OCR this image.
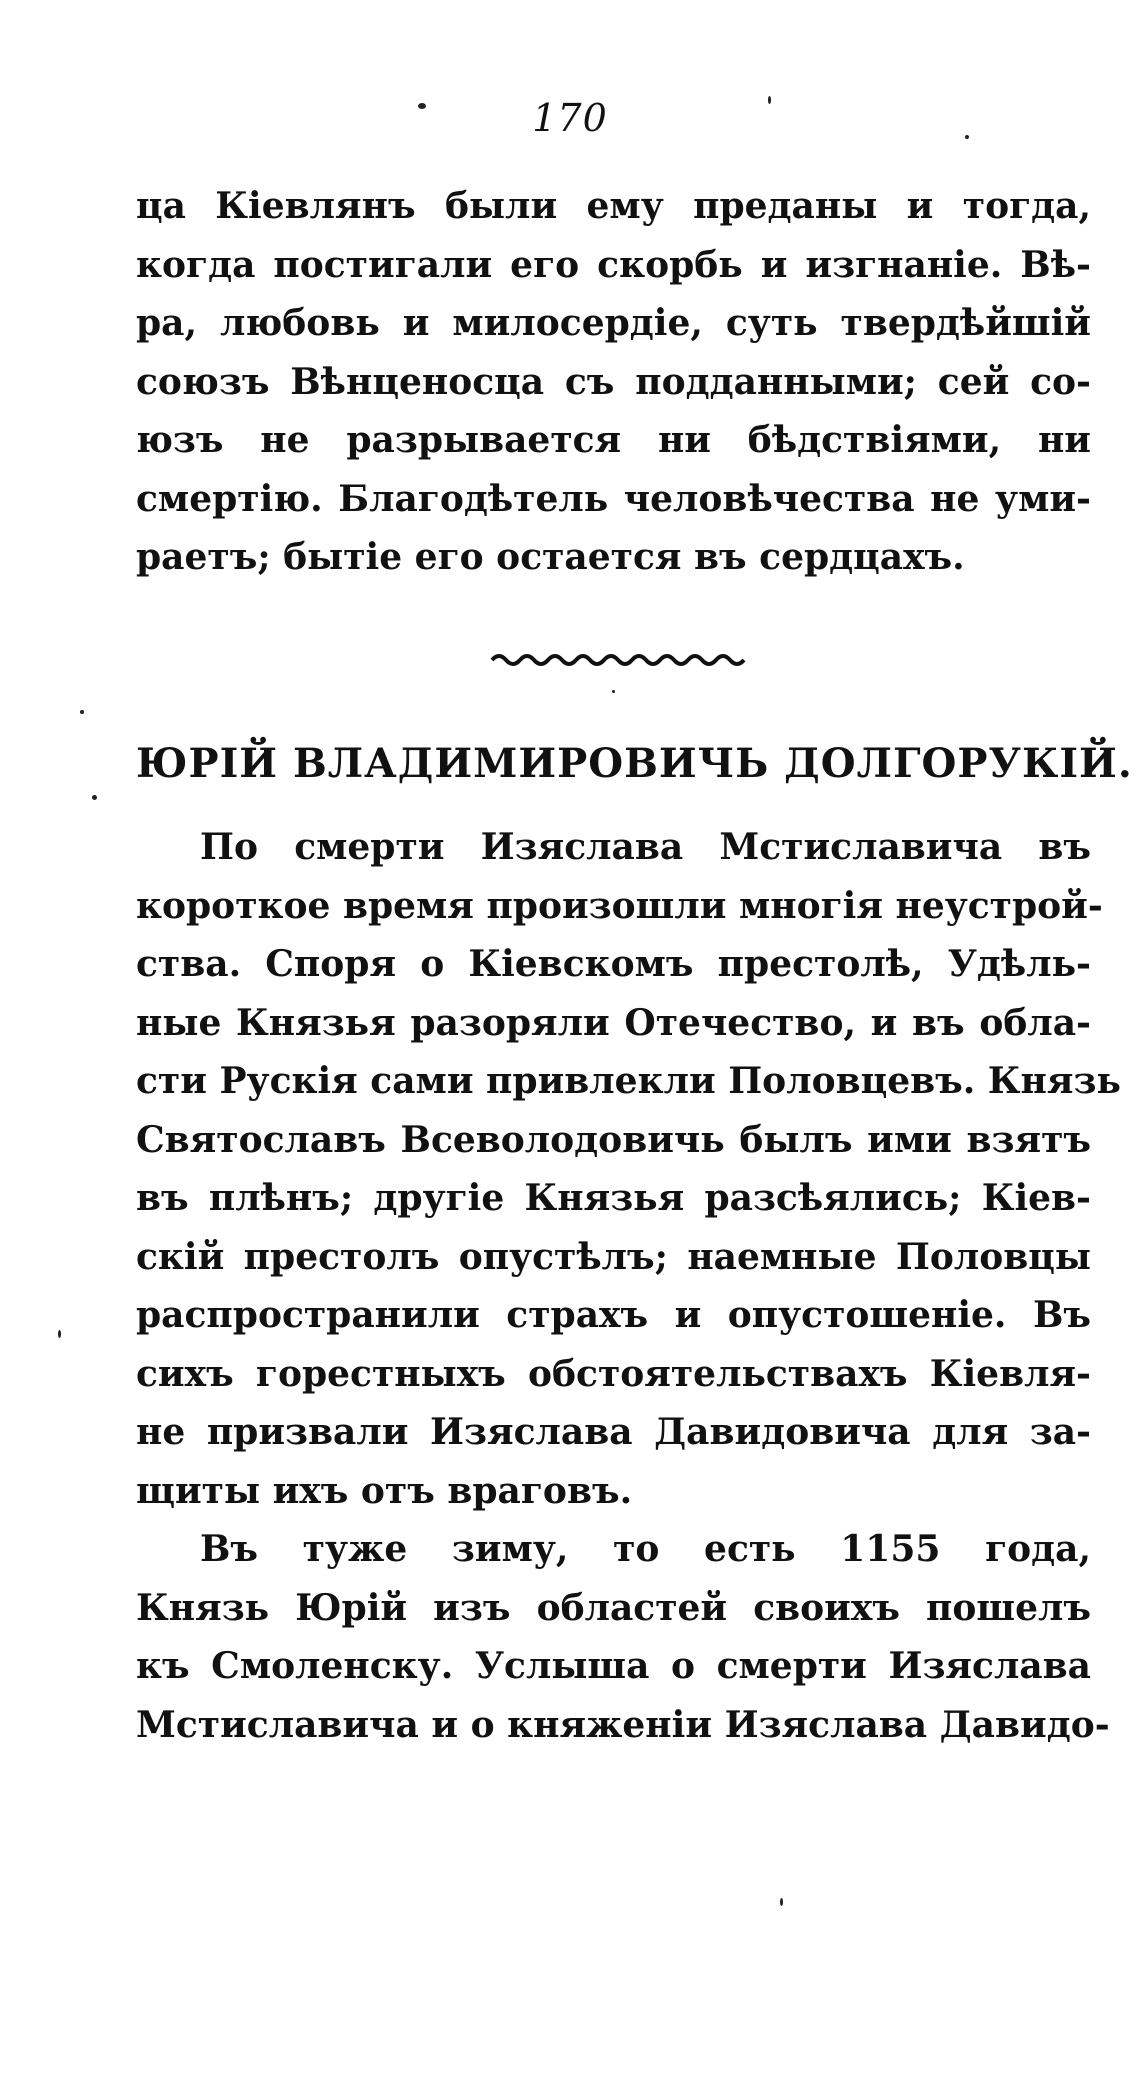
170
ца Кіевлянъ были ему преданы и тогда,
когда постигали его скорбь и изгнаніе. Вѣ-
ра, любовь и милосердіе, суть твердѣйшій
союзъ Вѣнценосца съ подданными; сей со-
юзъ не разрывается ни бѣдствіями, ни
смертію. Благодѣтель человѣчества не уми-
раетъ; бытіе его остается въ сердцахъ.
ЮРІЙ ВЛАДИМИРОВИЧЬ ДОЛГОРУКІЙ.
По смерти Изяслава Мстиславича въ
короткое время произошли многія неустрой-
ства. Споря о Кіевскомъ престолѣ, Удѣль-
ные Князья разоряли Отечество, и въ обла-
сти Рускія сами привлекли Половцевъ. Князь
Святославъ Всеволодовичь былъ ими взятъ
въ плѣнъ; другіе Князья разсѣялись; Кіев-
скій престолъ опустѣлъ; наемные Половцы
распространили страхъ и опустошеніе. Въ
сихъ горестныхъ обстоятельствахъ Кіевля-
не призвали Изяслава Давидовича для за-
щиты ихъ отъ враговъ.
Въ туже зиму, то есть 1155 года,
Князь Юрій изъ областей своихъ пошелъ
къ Смоленску. Услыша о смерти Изяслава
Мстиславича и о княженіи Изяслава Давидо-
